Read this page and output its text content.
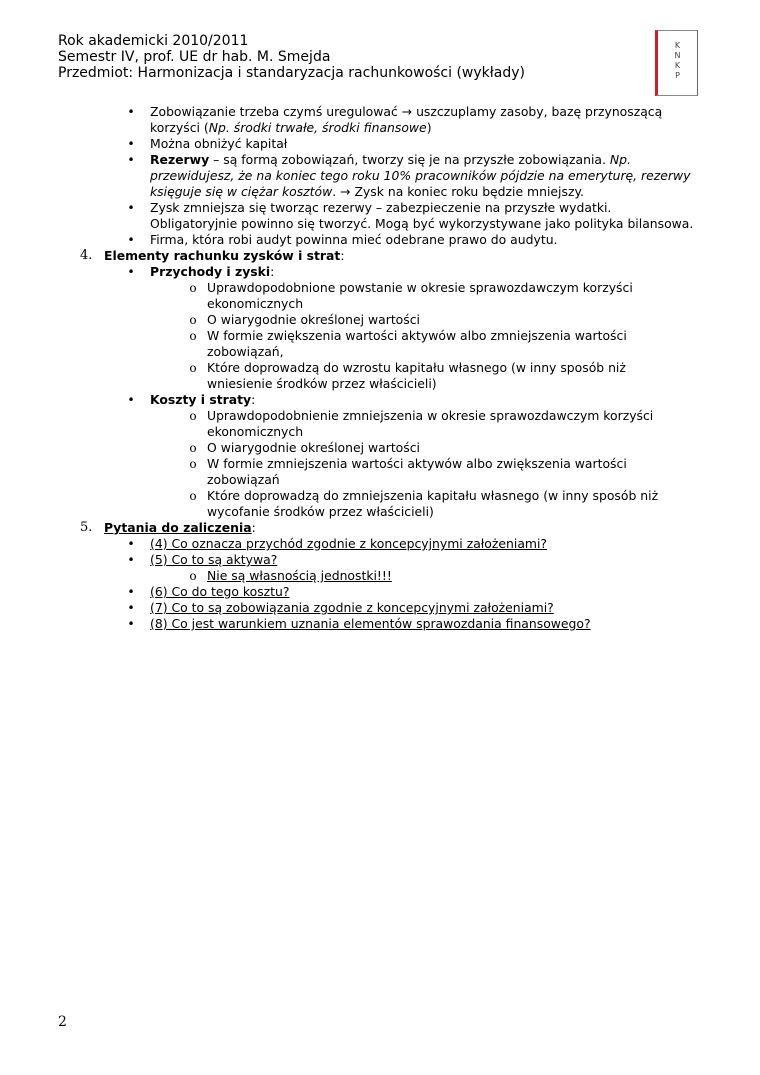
Rok akademicki 2010/2011
Semestr IV, prof. UE dr hab. M. Smejda
Przedmiot: Harmonizacja i standaryzacja rachunkowości (wykłady)
K
N
K
P
• Zobowiązanie trzeba czymś uregulować → uszczuplamy zasoby, bazę przynoszącą korzyści (Np. środki trwałe, środki finansowe)
• Można obniżyć kapitał
• Rezerwy – są formą zobowiązań, tworzy się je na przyszłe zobowiązania. Np. przewidujesz, że na koniec tego roku 10% pracowników pójdzie na emeryturę, rezerwy księguje się w ciężar kosztów. → Zysk na koniec roku będzie mniejszy.
• Zysk zmniejsza się tworząc rezerwy – zabezpieczenie na przyszłe wydatki. Obligatoryjnie powinno się tworzyć. Mogą być wykorzystywane jako polityka bilansowa.
• Firma, która robi audyt powinna mieć odebrane prawo do audytu.
4. Elementy rachunku zysków i strat:
• Przychody i zyski:
o Uprawdopodobnione powstanie w okresie sprawozdawczym korzyści ekonomicznych
o O wiarygodnie określonej wartości
o W formie zwiększenia wartości aktywów albo zmniejszenia wartości zobowiązań,
o Które doprowadzą do wzrostu kapitału własnego (w inny sposób niż wniesienie środków przez właścicieli)
• Koszty i straty:
o Uprawdopodobnienie zmniejszenia w okresie sprawozdawczym korzyści ekonomicznych
o O wiarygodnie określonej wartości
o W formie zmniejszenia wartości aktywów albo zwiększenia wartości zobowiązań
o Które doprowadzą do zmniejszenia kapitału własnego (w inny sposób niż wycofanie środków przez właścicieli)
5. Pytania do zaliczenia:
• (4) Co oznacza przychód zgodnie z koncepcyjnymi założeniami?
• (5) Co to są aktywa?
o Nie są własnością jednostki!!!
• (6) Co do tego kosztu?
• (7) Co to są zobowiązania zgodnie z koncepcyjnymi założeniami?
• (8) Co jest warunkiem uznania elementów sprawozdania finansowego?
2
